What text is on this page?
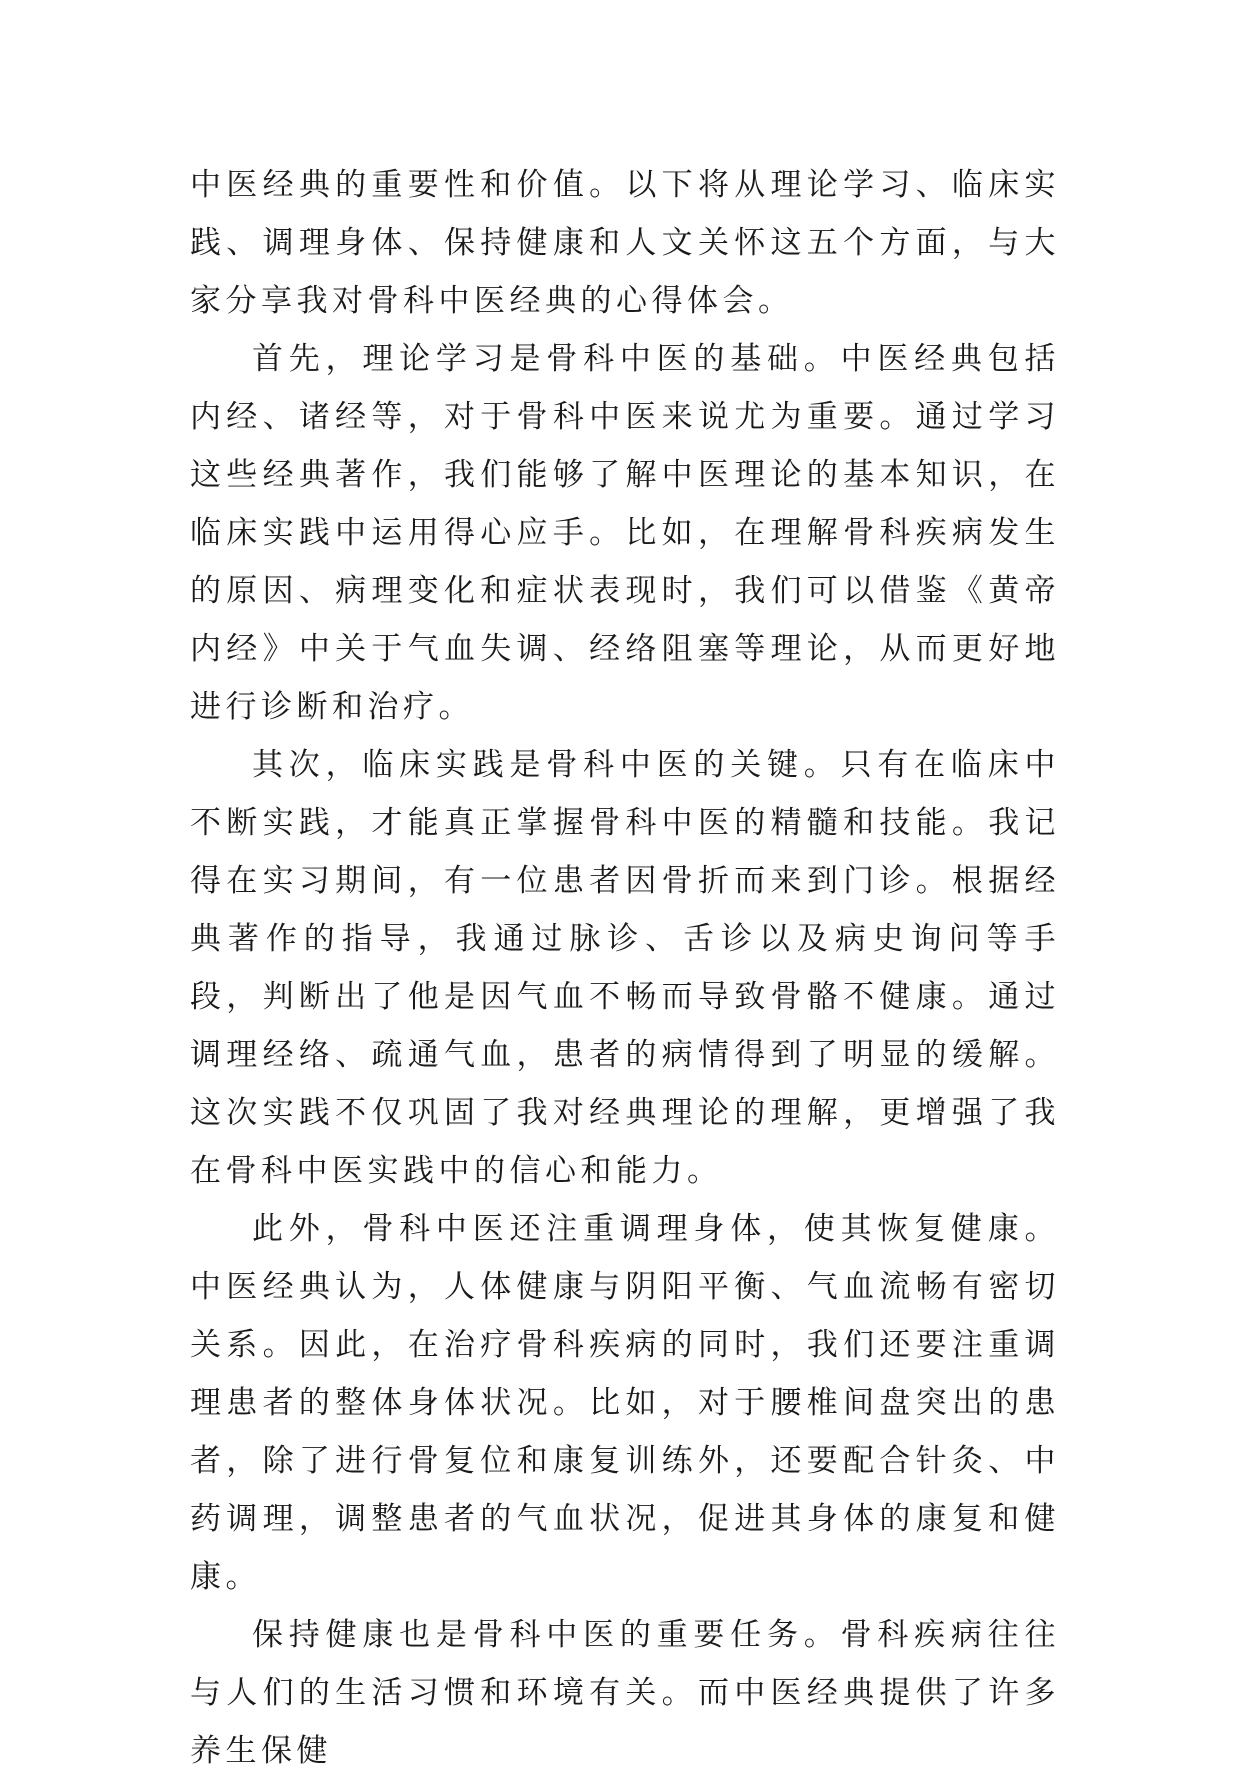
中医经典的重要性和价值。以下将从理论学习、临床实践、调理身体、保持健康和人文关怀这五个方面，与大家分享我对骨科中医经典的心得体会。

首先，理论学习是骨科中医的基础。中医经典包括内经、诸经等，对于骨科中医来说尤为重要。通过学习这些经典著作，我们能够了解中医理论的基本知识，在临床实践中运用得心应手。比如，在理解骨科疾病发生的原因、病理变化和症状表现时，我们可以借鉴《黄帝内经》中关于气血失调、经络阻塞等理论，从而更好地进行诊断和治疗。

其次，临床实践是骨科中医的关键。只有在临床中不断实践，才能真正掌握骨科中医的精髓和技能。我记得在实习期间，有一位患者因骨折而来到门诊。根据经典著作的指导，我通过脉诊、舌诊以及病史询问等手段，判断出了他是因气血不畅而导致骨骼不健康。通过调理经络、疏通气血，患者的病情得到了明显的缓解。这次实践不仅巩固了我对经典理论的理解，更增强了我在骨科中医实践中的信心和能力。

此外，骨科中医还注重调理身体，使其恢复健康。中医经典认为，人体健康与阴阳平衡、气血流畅有密切关系。因此，在治疗骨科疾病的同时，我们还要注重调理患者的整体身体状况。比如，对于腰椎间盘突出的患者，除了进行骨复位和康复训练外，还要配合针灸、中药调理，调整患者的气血状况，促进其身体的康复和健康。

保持健康也是骨科中医的重要任务。骨科疾病往往与人们的生活习惯和环境有关。而中医经典提供了许多养生保健
